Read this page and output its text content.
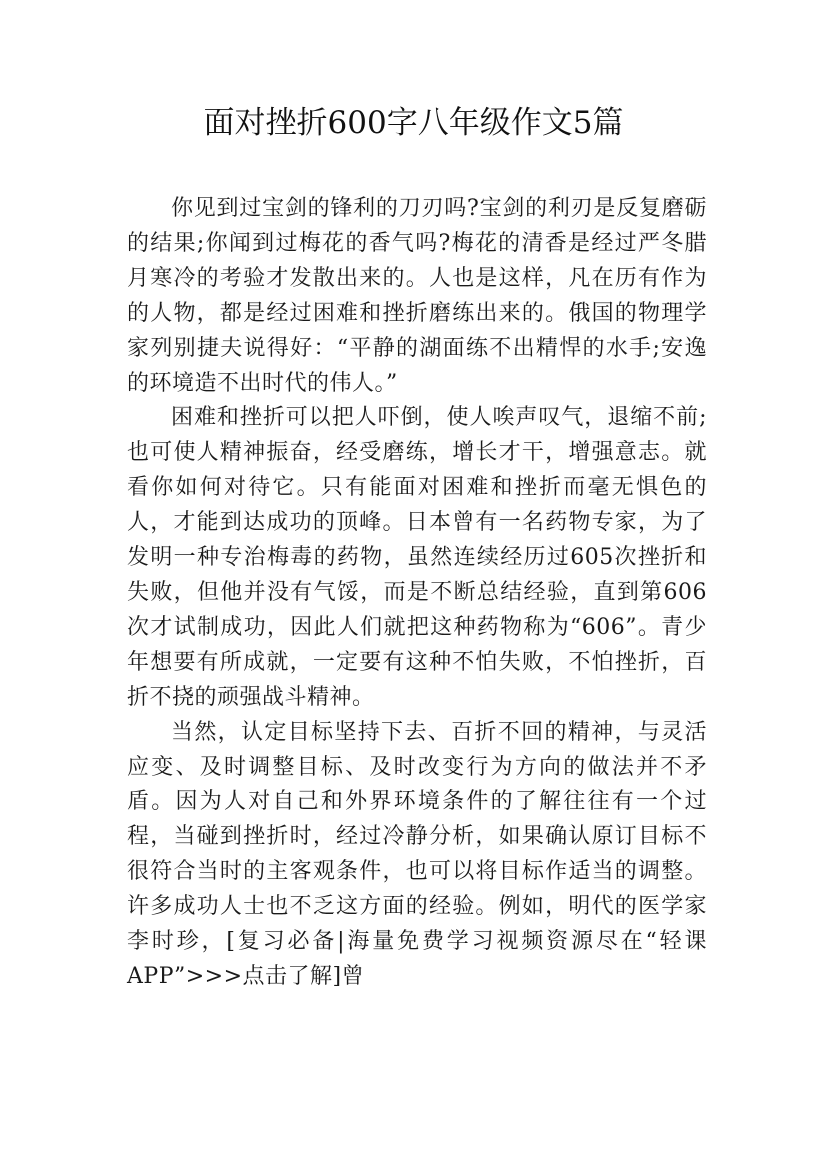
面对挫折600字八年级作文5篇

你见到过宝剑的锋利的刀刃吗?宝剑的利刃是反复磨砺的结果;你闻到过梅花的香气吗?梅花的清香是经过严冬腊月寒冷的考验才发散出来的。人也是这样，凡在历有作为的人物，都是经过困难和挫折磨练出来的。俄国的物理学家列别捷夫说得好：“平静的湖面练不出精悍的水手;安逸的环境造不出时代的伟人。”

困难和挫折可以把人吓倒，使人唉声叹气，退缩不前;也可使人精神振奋，经受磨练，增长才干，增强意志。就看你如何对待它。只有能面对困难和挫折而毫无惧色的人，才能到达成功的顶峰。日本曾有一名药物专家，为了发明一种专治梅毒的药物，虽然连续经历过605次挫折和失败，但他并没有气馁，而是不断总结经验，直到第606次才试制成功，因此人们就把这种药物称为“606”。青少年想要有所成就，一定要有这种不怕失败，不怕挫折，百折不挠的顽强战斗精神。

当然，认定目标坚持下去、百折不回的精神，与灵活应变、及时调整目标、及时改变行为方向的做法并不矛盾。因为人对自己和外界环境条件的了解往往有一个过程，当碰到挫折时，经过冷静分析，如果确认原订目标不很符合当时的主客观条件，也可以将目标作适当的调整。许多成功人士也不乏这方面的经验。例如，明代的医学家李时珍，[复习必备|海量免费学习视频资源尽在“轻课APP”>>>点击了解]曾
